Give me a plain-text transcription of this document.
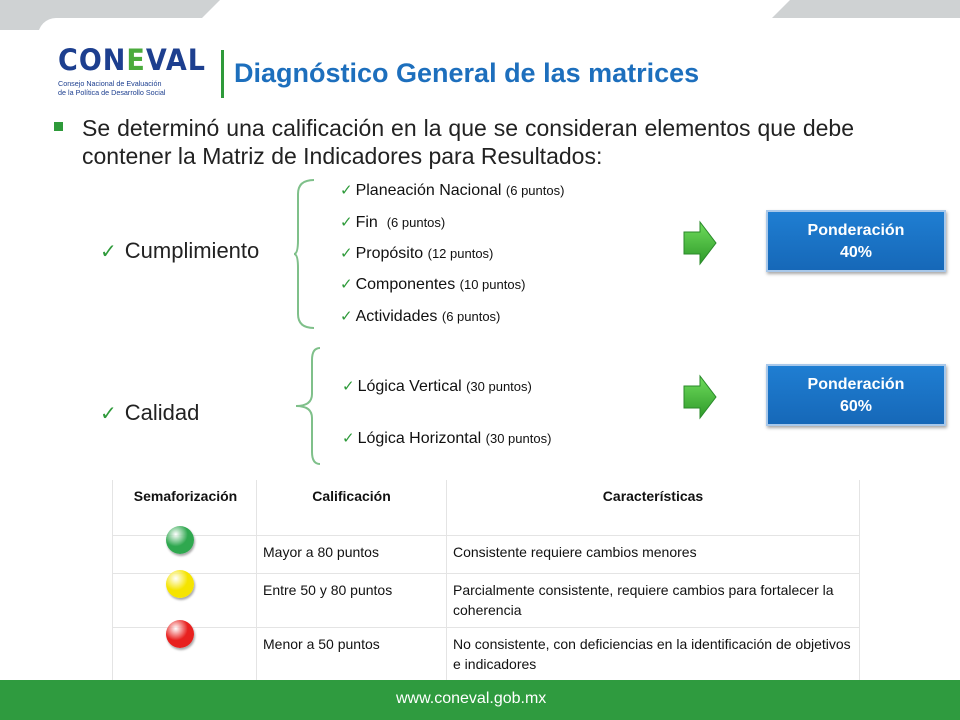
CONEVAL
Consejo Nacional de Evaluación
de la Política de Desarrollo Social
Diagnóstico General de las matrices
Se determinó una calificación en la que se consideran elementos que debe contener la Matriz de Indicadores para Resultados:
✓ Cumplimiento
✓ Planeación Nacional (6 puntos)
✓ Fin (6 puntos)
✓ Propósito (12 puntos)
✓ Componentes (10 puntos)
✓ Actividades (6 puntos)
Ponderación
40%
✓ Calidad
✓ Lógica Vertical (30 puntos)
✓ Lógica Horizontal (30 puntos)
Ponderación
60%
Semaforización	Calificación	Características

	Mayor a 80 puntos	Consistente requiere cambios menores

	Entre 50 y 80 puntos	Parcialmente consistente, requiere cambios para fortalecer la coherencia

	Menor a 50 puntos	No consistente, con deficiencias en la identificación de objetivos e indicadores
www.coneval.gob.mx
